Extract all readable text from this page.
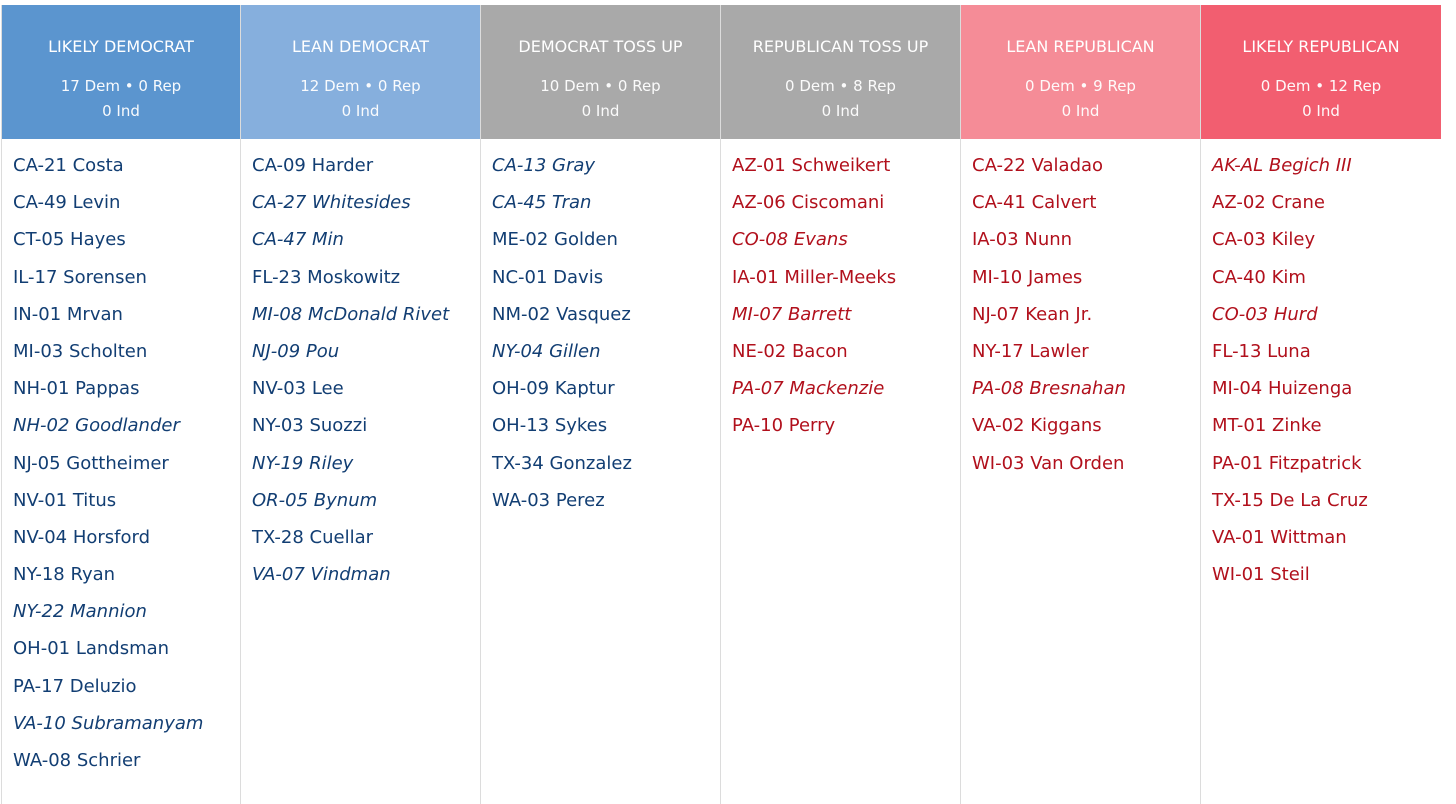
LIKELY DEMOCRAT
17 Dem • 0 Rep
0 Ind
CA-21 Costa
CA-49 Levin
CT-05 Hayes
IL-17 Sorensen
IN-01 Mrvan
MI-03 Scholten
NH-01 Pappas
NH-02 Goodlander
NJ-05 Gottheimer
NV-01 Titus
NV-04 Horsford
NY-18 Ryan
NY-22 Mannion
OH-01 Landsman
PA-17 Deluzio
VA-10 Subramanyam
WA-08 Schrier
LEAN DEMOCRAT
12 Dem • 0 Rep
0 Ind
CA-09 Harder
CA-27 Whitesides
CA-47 Min
FL-23 Moskowitz
MI-08 McDonald Rivet
NJ-09 Pou
NV-03 Lee
NY-03 Suozzi
NY-19 Riley
OR-05 Bynum
TX-28 Cuellar
VA-07 Vindman
DEMOCRAT TOSS UP
10 Dem • 0 Rep
0 Ind
CA-13 Gray
CA-45 Tran
ME-02 Golden
NC-01 Davis
NM-02 Vasquez
NY-04 Gillen
OH-09 Kaptur
OH-13 Sykes
TX-34 Gonzalez
WA-03 Perez
REPUBLICAN TOSS UP
0 Dem • 8 Rep
0 Ind
AZ-01 Schweikert
AZ-06 Ciscomani
CO-08 Evans
IA-01 Miller-Meeks
MI-07 Barrett
NE-02 Bacon
PA-07 Mackenzie
PA-10 Perry
LEAN REPUBLICAN
0 Dem • 9 Rep
0 Ind
CA-22 Valadao
CA-41 Calvert
IA-03 Nunn
MI-10 James
NJ-07 Kean Jr.
NY-17 Lawler
PA-08 Bresnahan
VA-02 Kiggans
WI-03 Van Orden
LIKELY REPUBLICAN
0 Dem • 12 Rep
0 Ind
AK-AL Begich III
AZ-02 Crane
CA-03 Kiley
CA-40 Kim
CO-03 Hurd
FL-13 Luna
MI-04 Huizenga
MT-01 Zinke
PA-01 Fitzpatrick
TX-15 De La Cruz
VA-01 Wittman
WI-01 Steil
